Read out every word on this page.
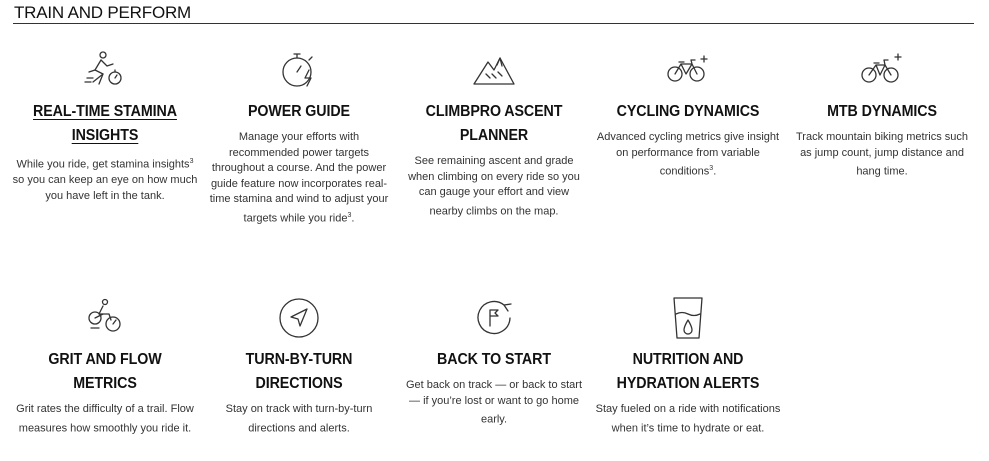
TRAIN AND PERFORM
REAL-TIME STAMINA INSIGHTS

While you ride, get stamina insights$^3$ so you can keep an eye on how much you have left in the tank.

POWER GUIDE

Manage your efforts with recommended power targets throughout a course. And the power guide feature now incorporates real-time stamina and wind to adjust your targets while you ride$^3$.

CLIMBPRO ASCENT PLANNER

See remaining ascent and grade when climbing on every ride so you can gauge your effort and view nearby climbs on the map.

CYCLING DYNAMICS

Advanced cycling metrics give insight on performance from variable conditions$^3$.

MTB DYNAMICS

Track mountain biking metrics such as jump count, jump distance and hang time.

GRIT AND FLOW METRICS

Grit rates the difficulty of a trail. Flow measures how smoothly you ride it.

TURN-BY-TURN DIRECTIONS

Stay on track with turn-by-turn directions and alerts.

BACK TO START

Get back on track — or back to start — if you’re lost or want to go home early.

NUTRITION AND HYDRATION ALERTS

Stay fueled on a ride with notifications when it’s time to hydrate or eat.
